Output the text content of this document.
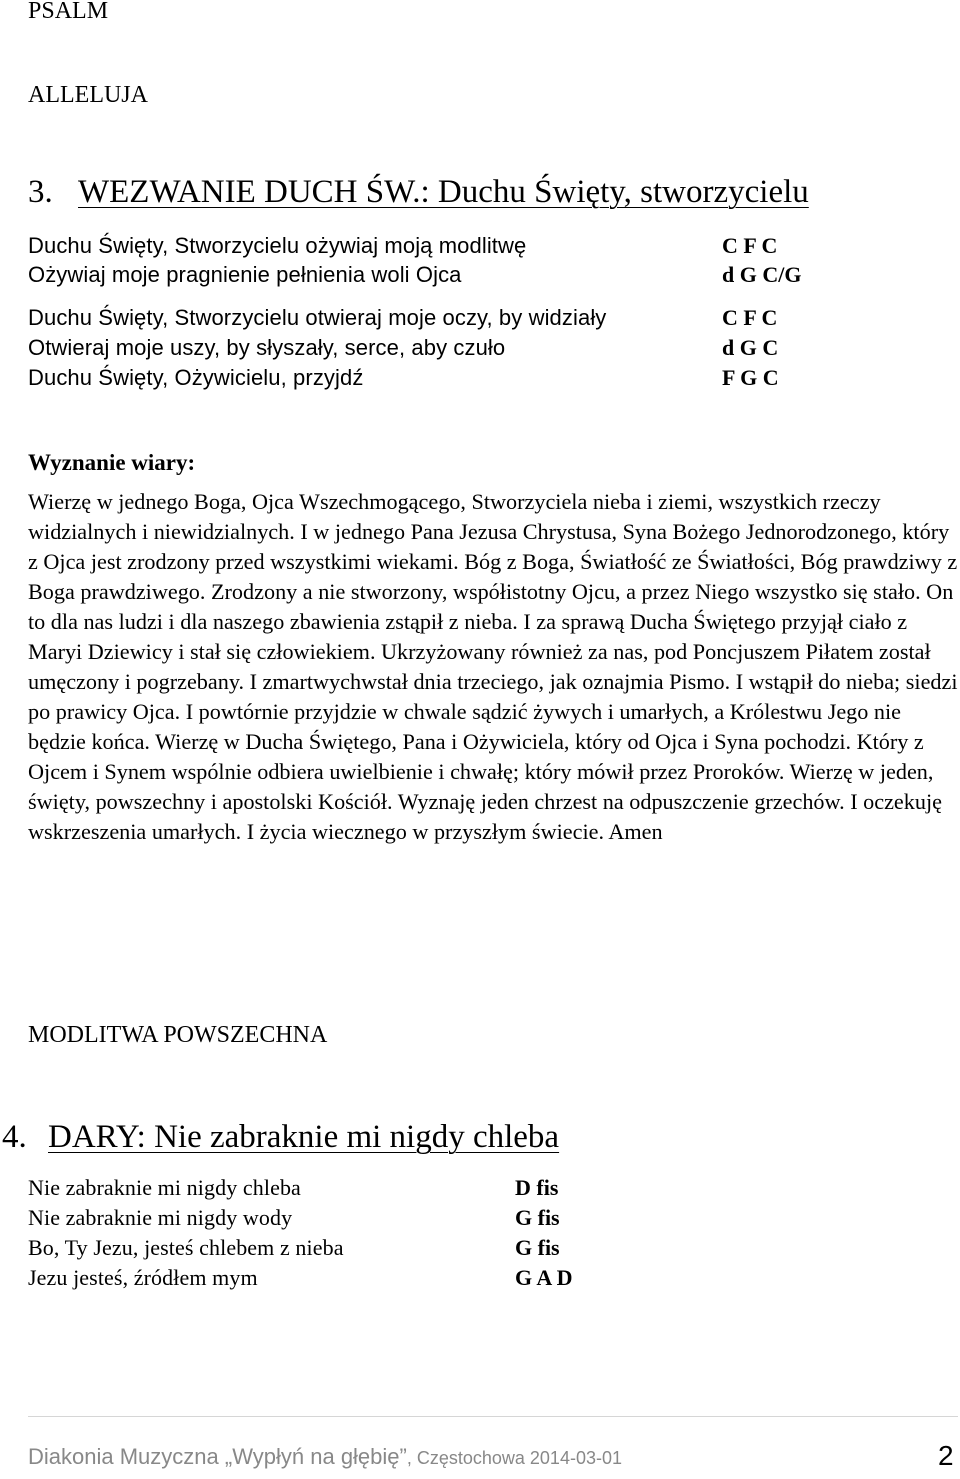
PSALM
ALLELUJA
3. WEZWANIE DUCH ŚW.: Duchu Święty, stworzycielu
Duchu Święty, Stworzycielu ożywiaj moją modlitwę	C F C
Ożywiaj moje pragnienie pełnienia woli Ojca	d G C/G
Duchu Święty, Stworzycielu otwieraj moje oczy, by widziały	C F C
Otwieraj moje uszy, by słyszały, serce, aby czuło	d G C
Duchu Święty, Ożywicielu, przyjdź	F G C
Wyznanie wiary:
Wierzę w jednego Boga, Ojca Wszechmogącego, Stworzyciela nieba i ziemi, wszystkich rzeczy widzialnych i niewidzialnych. I w jednego Pana Jezusa Chrystusa, Syna Bożego Jednorodzonego, który z Ojca jest zrodzony przed wszystkimi wiekami. Bóg z Boga, Światłość ze Światłości, Bóg prawdziwy z Boga prawdziwego. Zrodzony a nie stworzony, współistotny Ojcu, a przez Niego wszystko się stało. On to dla nas ludzi i dla naszego zbawienia zstąpił z nieba. I za sprawą Ducha Świętego przyjął ciało z Maryi Dziewicy i stał się człowiekiem. Ukrzyżowany również za nas, pod Poncjuszem Piłatem został umęczony i pogrzebany. I zmartwychwstał dnia trzeciego, jak oznajmia Pismo. I wstąpił do nieba; siedzi po prawicy Ojca. I powtórnie przyjdzie w chwale sądzić żywych i umarłych, a Królestwu Jego nie będzie końca. Wierzę w Ducha Świętego, Pana i Ożywiciela, który od Ojca i Syna pochodzi. Który z Ojcem i Synem wspólnie odbiera uwielbienie i chwałę; który mówił przez Proroków. Wierzę w jeden, święty, powszechny i apostolski Kościół. Wyznaję jeden chrzest na odpuszczenie grzechów. I oczekuję wskrzeszenia umarłych. I życia wiecznego w przyszłym świecie. Amen
MODLITWA POWSZECHNA
4. DARY: Nie zabraknie mi nigdy chleba
Nie zabraknie mi nigdy chleba	D fis
Nie zabraknie mi nigdy wody	G fis
Bo, Ty Jezu, jesteś chlebem z nieba	G fis
Jezu jesteś, źródłem mym	G A D
Diakonia Muzyczna „Wypłyń na głębię”, Częstochowa 2014-03-01	2
